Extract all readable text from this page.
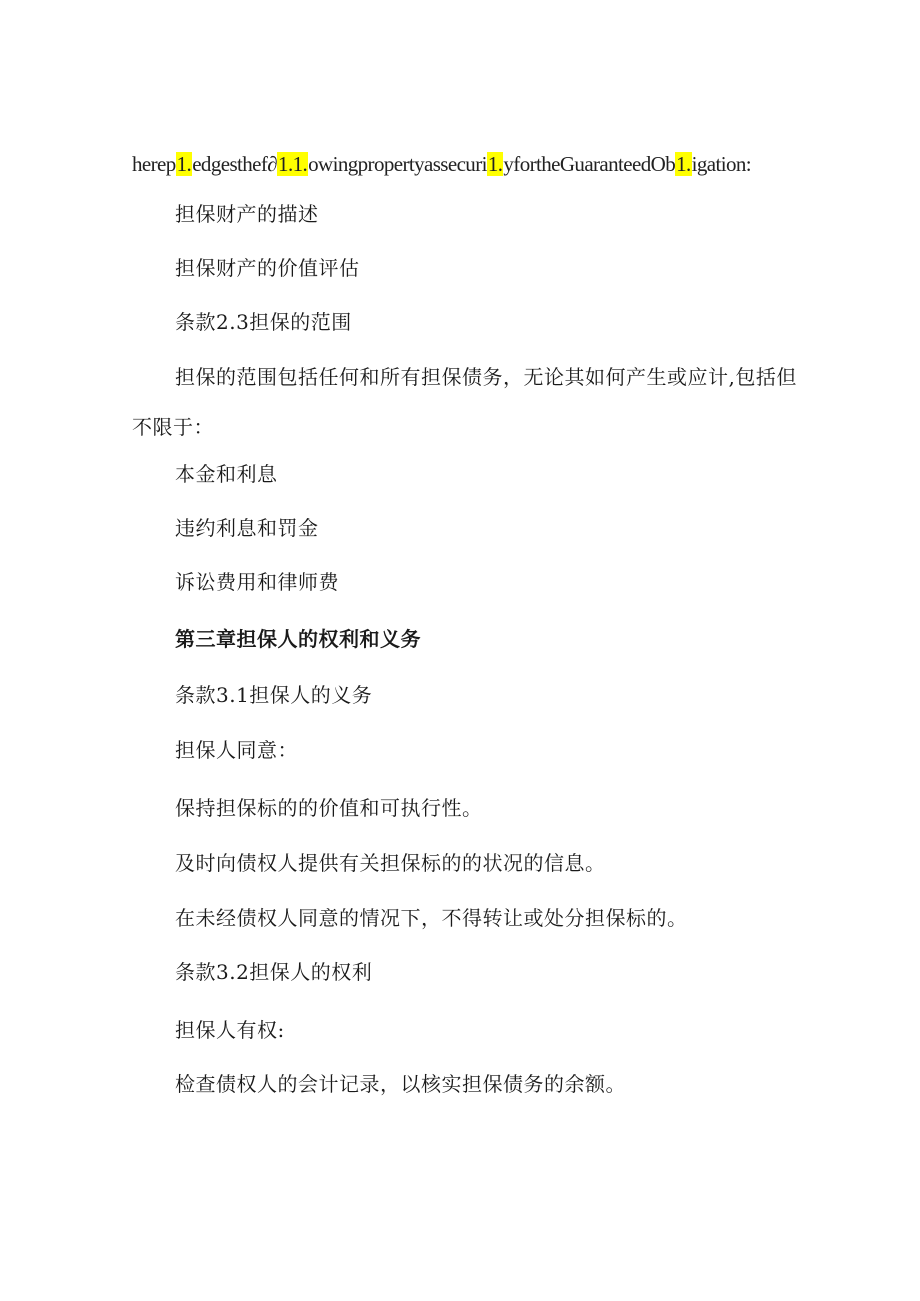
herep1.edgesthef∂1.1.owingpropertyassecuri1.yfortheGuaranteedOb1.igation:
担保财产的描述
担保财产的价值评估
条款2.3担保的范围
担保的范围包括任何和所有担保债务，无论其如何产生或应计,包括但不限于：
本金和利息
违约利息和罚金
诉讼费用和律师费
第三章担保人的权利和义务
条款3.1担保人的义务
担保人同意：
保持担保标的的价值和可执行性。
及时向债权人提供有关担保标的的状况的信息。
在未经债权人同意的情况下，不得转让或处分担保标的。
条款3.2担保人的权利
担保人有权:
检查债权人的会计记录，以核实担保债务的余额。
